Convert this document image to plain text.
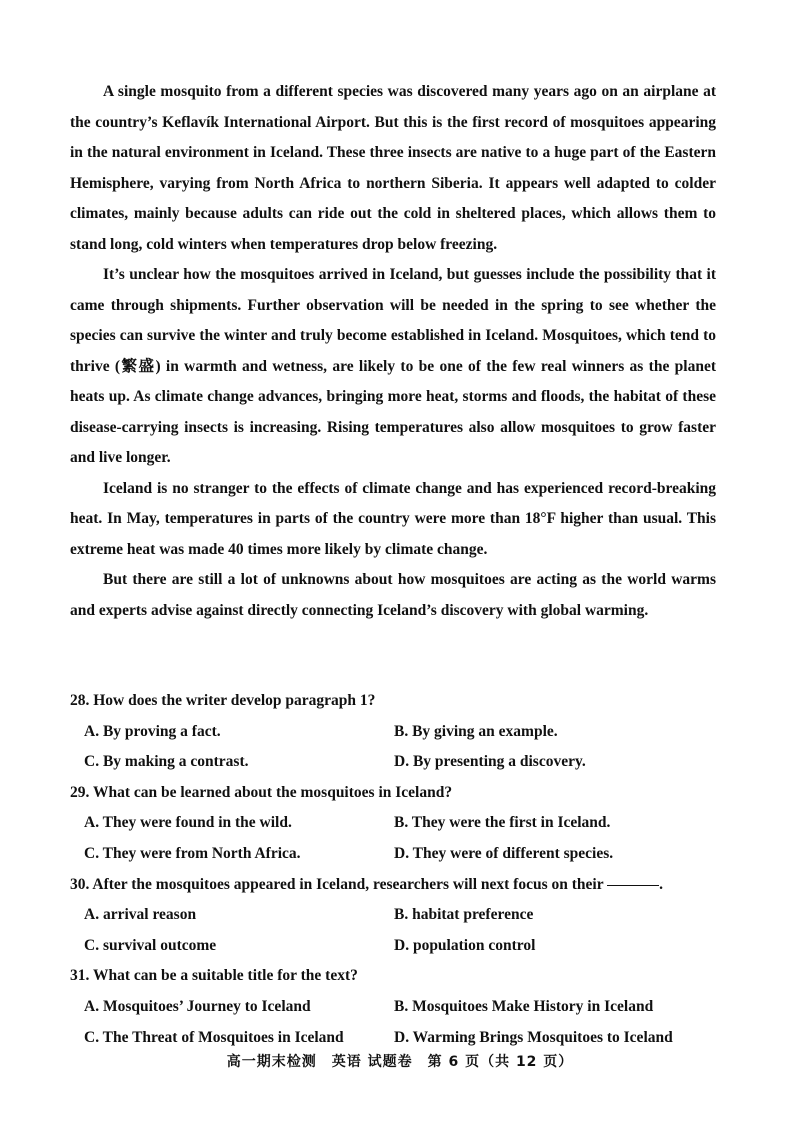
A single mosquito from a different species was discovered many years ago on an airplane at the country’s Keflavík International Airport. But this is the first record of mosquitoes appearing in the natural environment in Iceland. These three insects are native to a huge part of the Eastern Hemisphere, varying from North Africa to northern Siberia. It appears well adapted to colder climates, mainly because adults can ride out the cold in sheltered places, which allows them to stand long, cold winters when temperatures drop below freezing.

It’s unclear how the mosquitoes arrived in Iceland, but guesses include the possibility that it came through shipments. Further observation will be needed in the spring to see whether the species can survive the winter and truly become established in Iceland. Mosquitoes, which tend to thrive (繁盛) in warmth and wetness, are likely to be one of the few real winners as the planet heats up. As climate change advances, bringing more heat, storms and floods, the habitat of these disease-carrying insects is increasing. Rising temperatures also allow mosquitoes to grow faster and live longer.

Iceland is no stranger to the effects of climate change and has experienced record-breaking heat. In May, temperatures in parts of the country were more than 18°F higher than usual. This extreme heat was made 40 times more likely by climate change.

But there are still a lot of unknowns about how mosquitoes are acting as the world warms and experts advise against directly connecting Iceland’s discovery with global warming.

28. How does the writer develop paragraph 1?

A. By proving a fact.	B. By giving an example.
C. By making a contrast.	D. By presenting a discovery.

29. What can be learned about the mosquitoes in Iceland?

A. They were found in the wild.	B. They were the first in Iceland.
C. They were from North Africa.	D. They were of different species.

30. After the mosquitoes appeared in Iceland, researchers will next focus on their	.

A. arrival reason	B. habitat preference
C. survival outcome	D. population control

31. What can be a suitable title for the text?

A. Mosquitoes’ Journey to Iceland	B. Mosquitoes Make History in Iceland
C. The Threat of Mosquitoes in Iceland	D. Warming Brings Mosquitoes to Iceland
高一期末检测　英语 试题卷　第 6 页（共 12 页）
